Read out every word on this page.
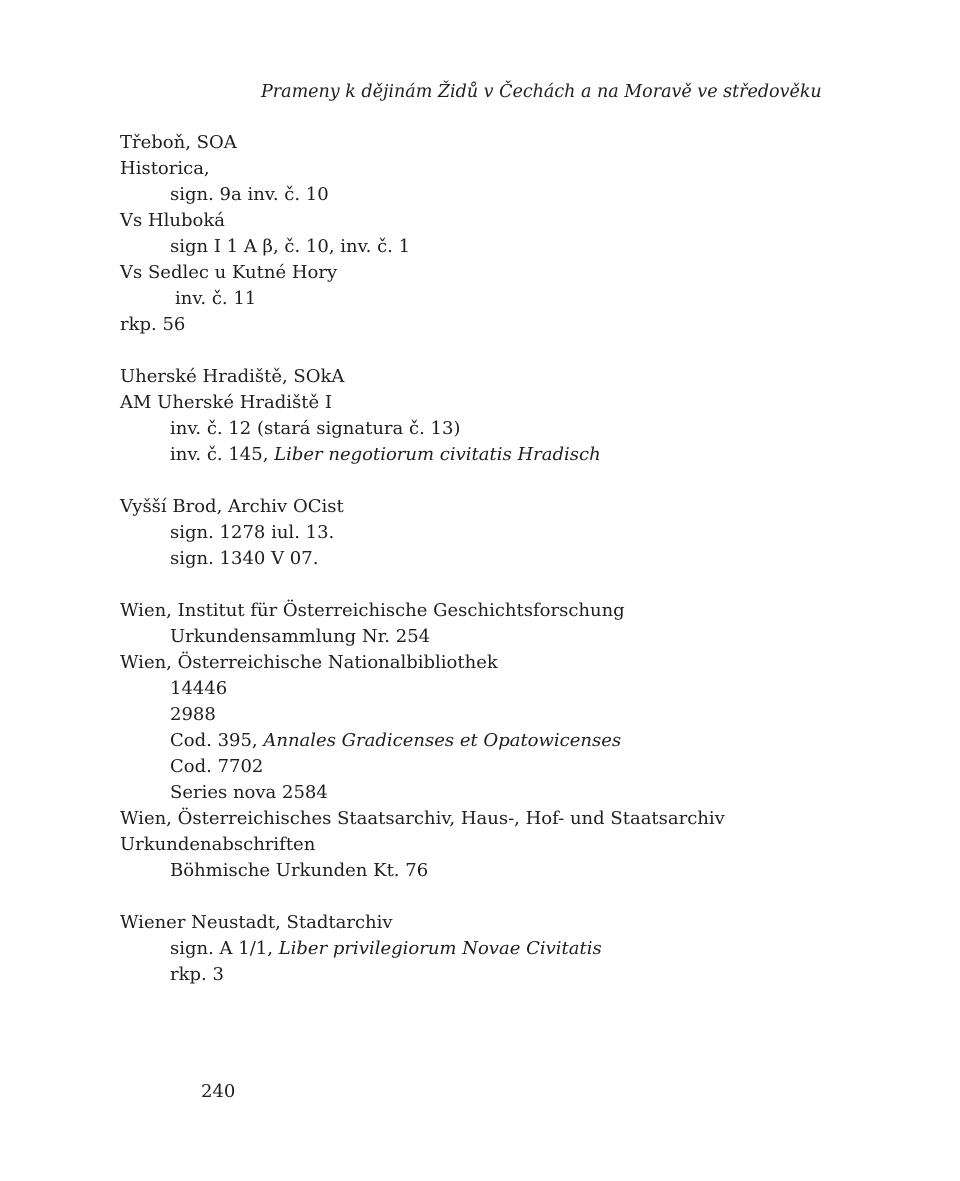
Prameny k dějinám Židů v Čechách a na Moravě ve středověku
Třeboň, SOA
Historica,
sign. 9a inv. č. 10
Vs Hluboká
sign I 1 A β, č. 10, inv. č. 1
Vs Sedlec u Kutné Hory
inv. č. 11
rkp. 56
Uherské Hradiště, SOkA
AM Uherské Hradiště I
inv. č. 12 (stará signatura č. 13)
inv. č. 145, Liber negotiorum civitatis Hradisch
Vyšší Brod, Archiv OCist
sign. 1278 iul. 13.
sign. 1340 V 07.
Wien, Institut für Österreichische Geschichtsforschung
Urkundensammlung Nr. 254
Wien, Österreichische Nationalbibliothek
14446
2988
Cod. 395, Annales Gradicenses et Opatowicenses
Cod. 7702
Series nova 2584
Wien, Österreichisches Staatsarchiv, Haus-, Hof- und Staatsarchiv
Urkundenabschriften
Böhmische Urkunden Kt. 76
Wiener Neustadt, Stadtarchiv
sign. A 1/1, Liber privilegiorum Novae Civitatis
rkp. 3
240
